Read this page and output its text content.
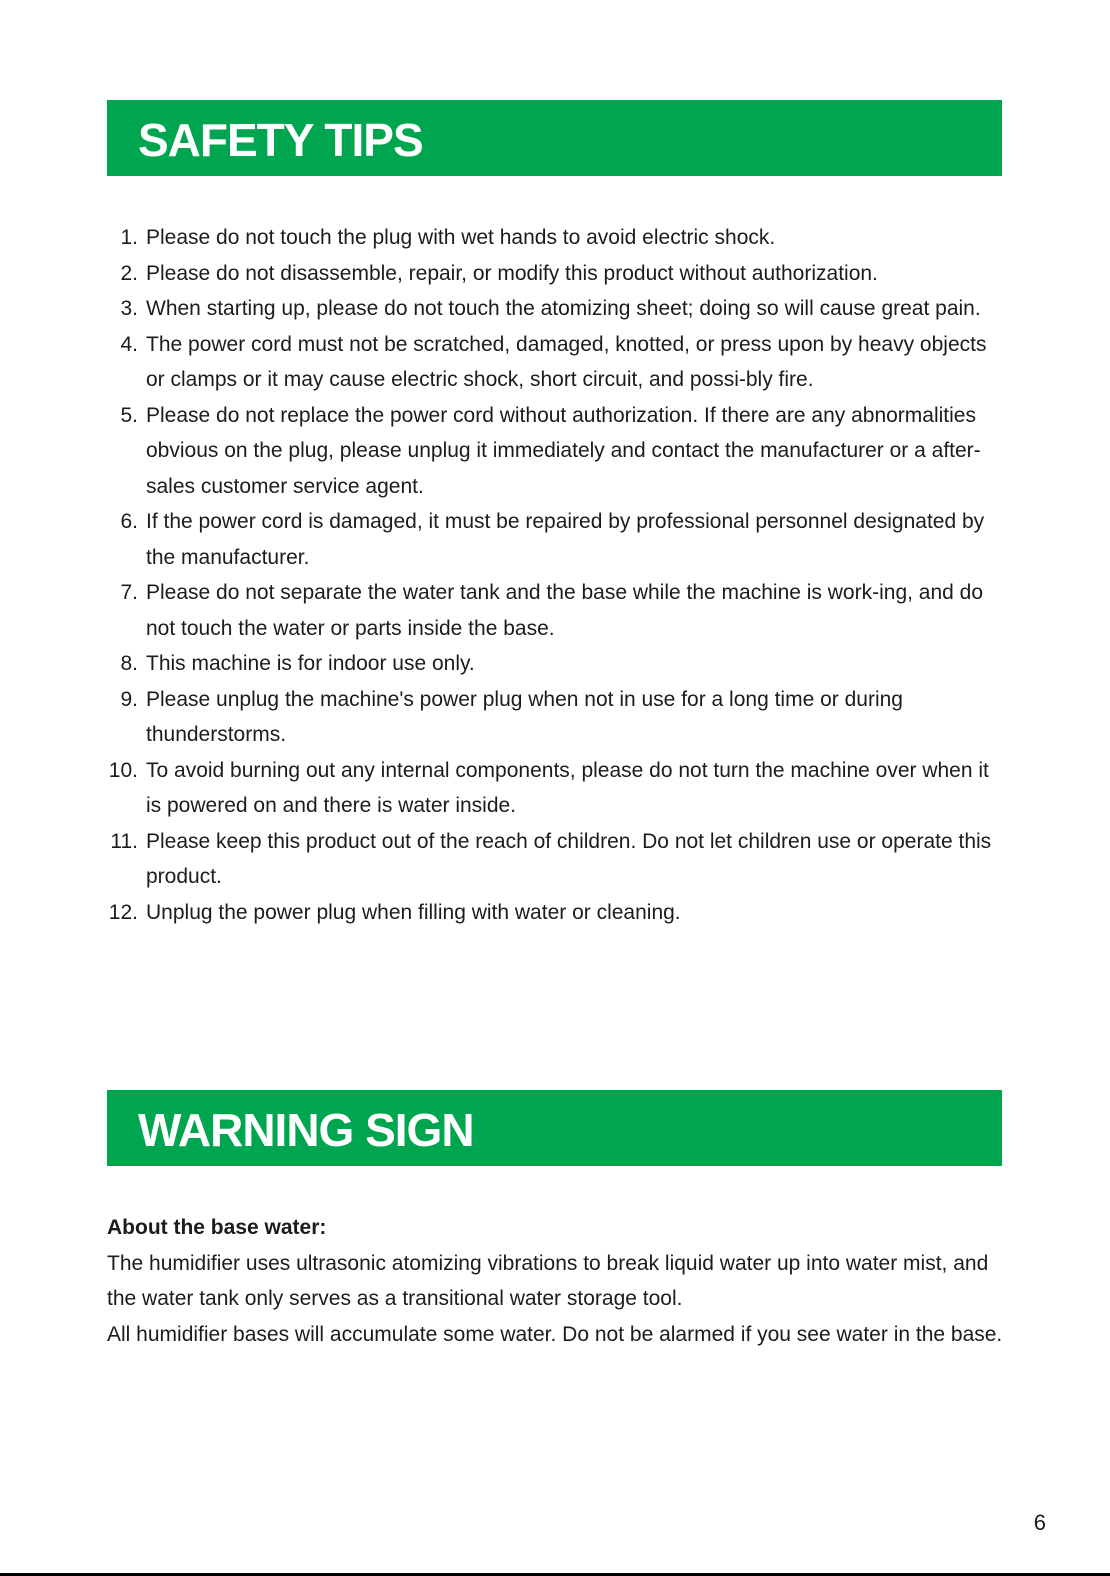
SAFETY TIPS
1. Please do not touch the plug with wet hands to avoid electric shock.
2. Please do not disassemble, repair, or modify this product without authorization.
3. When starting up, please do not touch the atomizing sheet; doing so will cause great pain.
4. The power cord must not be scratched, damaged, knotted, or press upon by heavy objects or clamps or it may cause electric shock, short circuit, and possi-bly fire.
5. Please do not replace the power cord without authorization. If there are any abnormalities obvious on the plug, please unplug it immediately and contact the manufacturer or a after-sales customer service agent.
6. If the power cord is damaged, it must be repaired by professional personnel designated by the manufacturer.
7. Please do not separate the water tank and the base while the machine is work-ing, and do not touch the water or parts inside the base.
8. This machine is for indoor use only.
9. Please unplug the machine's power plug when not in use for a long time or during thunderstorms.
10. To avoid burning out any internal components, please do not turn the machine over when it is powered on and there is water inside.
11. Please keep this product out of the reach of children. Do not let children use or operate this product.
12. Unplug the power plug when filling with water or cleaning.
WARNING SIGN

About the base water:

The humidifier uses ultrasonic atomizing vibrations to break liquid water up into water mist, and the water tank only serves as a transitional water storage tool.

All humidifier bases will accumulate some water. Do not be alarmed if you see water in the base.

6
